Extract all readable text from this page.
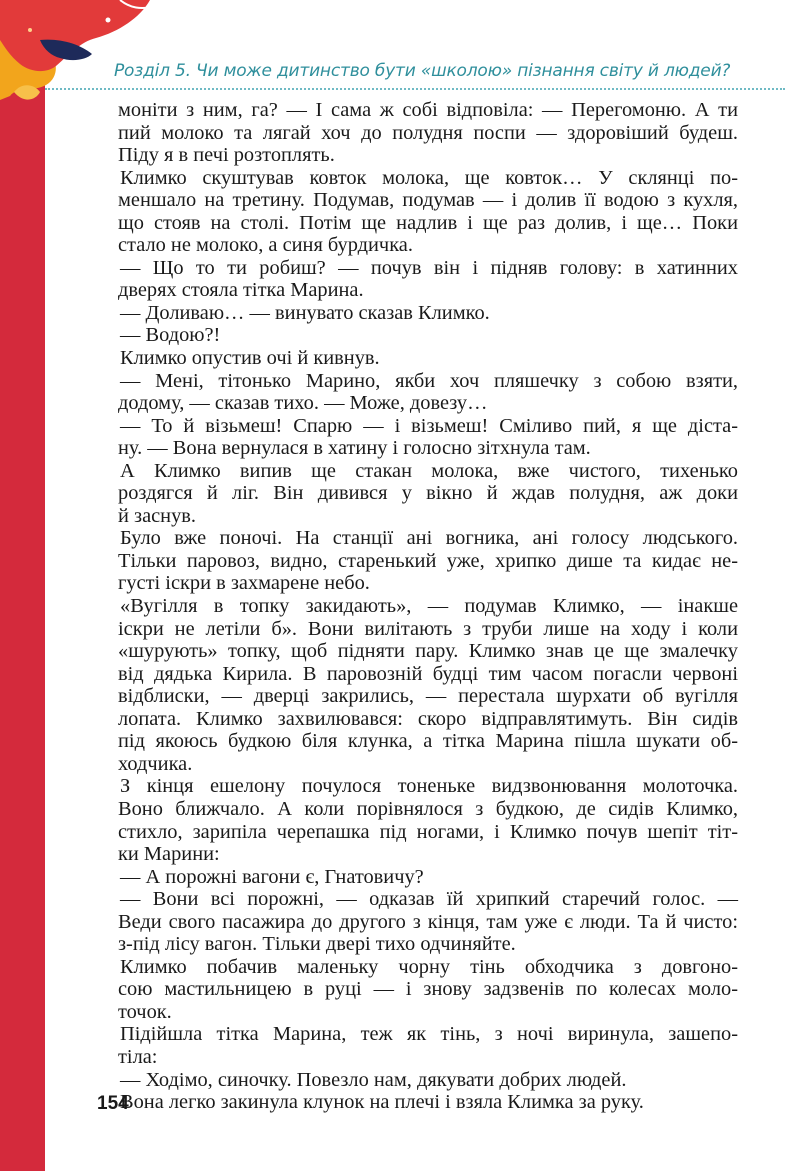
Розділ 5. Чи може дитинство бути «школою» пізнання світу й людей?
моніти з ним, га? — І сама ж собі відповіла: — Перегомоню. А ти
пий молоко та лягай хоч до полудня поспи — здоровіший будеш.
Піду я в печі розтоплять.
Климко скуштував ковток молока, ще ковток… У склянці по-
меншало на третину. Подумав, подумав — і долив її водою з кухля,
що стояв на столі. Потім ще надлив і ще раз долив, і ще… Поки
стало не молоко, а синя бурдичка.
— Що то ти робиш? — почув він і підняв голову: в хатинних
дверях стояла тітка Марина.
— Доливаю… — винувато сказав Климко.
— Водою?!
Климко опустив очі й кивнув.
— Мені, тітонько Марино, якби хоч пляшечку з собою взяти,
додому, — сказав тихо. — Може, довезу…
— То й візьмеш! Спарю — і візьмеш! Сміливо пий, я ще діста-
ну. — Вона вернулася в хатину і голосно зітхнула там.
А Климко випив ще стакан молока, вже чистого, тихенько
роздягся й ліг. Він дивився у вікно й ждав полудня, аж доки
й заснув.
Було вже поночі. На станції ані вогника, ані голосу людського.
Тільки паровоз, видно, старенький уже, хрипко дише та кидає не-
густі іскри в захмарене небо.
«Вугілля в топку закидають», — подумав Климко, — інакше
іскри не летіли б». Вони вилітають з труби лише на ходу і коли
«шурують» топку, щоб підняти пару. Климко знав це ще змалечку
від дядька Кирила. В паровозній будці тим часом погасли червоні
відблиски, — дверці закрились, — перестала шурхати об вугілля
лопата. Климко захвилювався: скоро відправлятимуть. Він сидів
під якоюсь будкою біля клунка, а тітка Марина пішла шукати об-
ходчика.
З кінця ешелону почулося тоненьке видзвонювання молоточка.
Воно ближчало. А коли порівнялося з будкою, де сидів Климко,
стихло, зарипіла черепашка під ногами, і Климко почув шепіт тіт-
ки Марини:
— А порожні вагони є, Гнатовичу?
— Вони всі порожні, — одказав їй хрипкий старечий голос. —
Веди свого пасажира до другого з кінця, там уже є люди. Та й чисто:
з-під лісу вагон. Тільки двері тихо одчиняйте.
Климко побачив маленьку чорну тінь обходчика з довгоно-
сою мастильницею в руці — і знову задзвенів по колесах моло-
точок.
Підійшла тітка Марина, теж як тінь, з ночі виринула, зашепо-
тіла:
— Ходімо, синочку. Повезло нам, дякувати добрих людей.
Вона легко закинула клунок на плечі і взяла Климка за руку.
154
